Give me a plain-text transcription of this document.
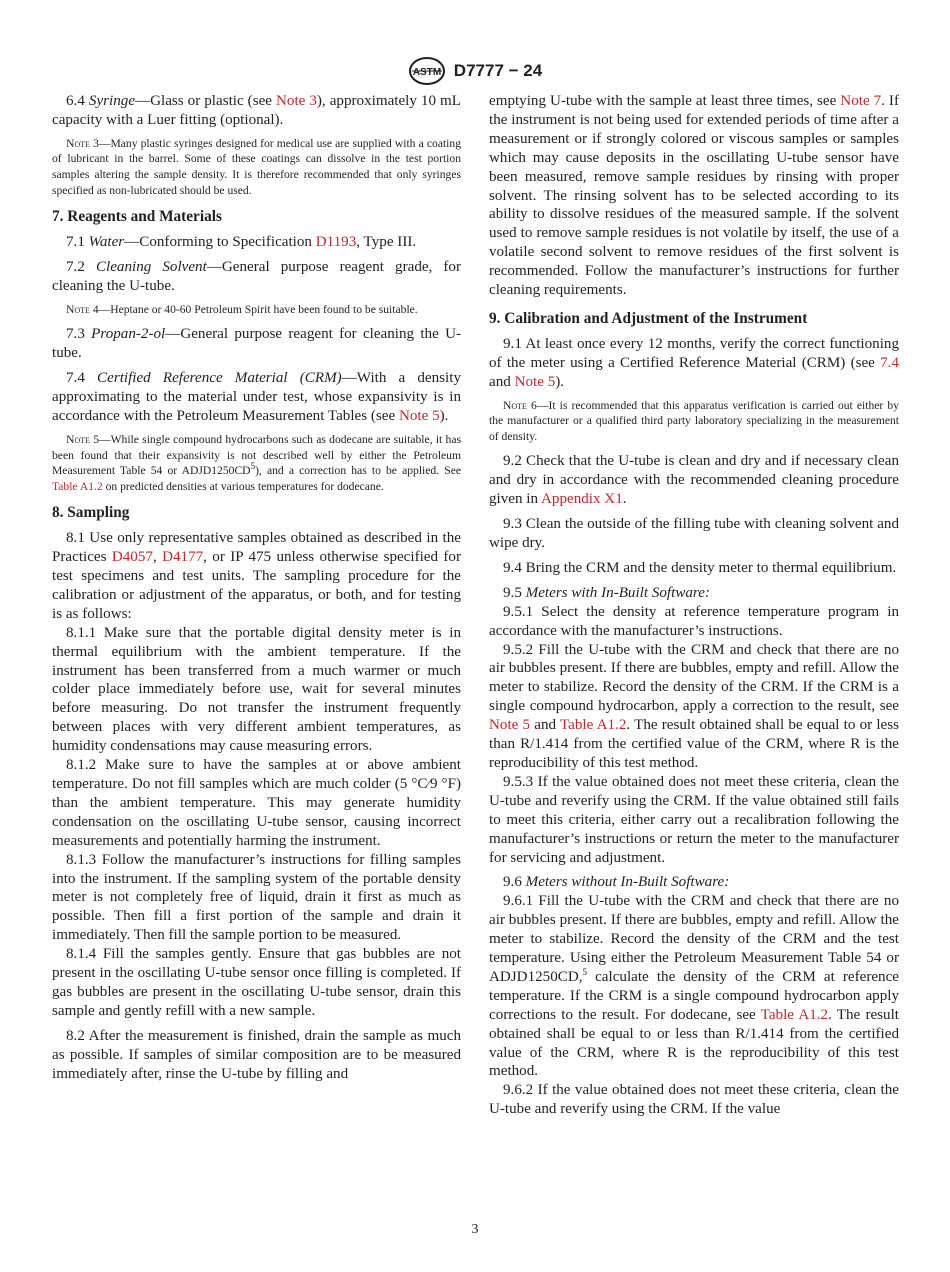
ASTM D7777 − 24

6.4 Syringe—Glass or plastic (see Note 3), approximately 10 mL capacity with a Luer fitting (optional).

Note 3—Many plastic syringes designed for medical use are supplied with a coating of lubricant in the barrel. Some of these coatings can dissolve in the test portion samples altering the sample density. It is therefore recommended that only syringes specified as non-lubricated should be used.

7. Reagents and Materials

7.1 Water—Conforming to Specification D1193, Type III.

7.2 Cleaning Solvent—General purpose reagent grade, for cleaning the U-tube.

Note 4—Heptane or 40-60 Petroleum Spirit have been found to be suitable.

7.3 Propan-2-ol—General purpose reagent for cleaning the U-tube.

7.4 Certified Reference Material (CRM)—With a density approximating to the material under test, whose expansivity is in accordance with the Petroleum Measurement Tables (see Note 5).

Note 5—While single compound hydrocarbons such as dodecane are suitable, it has been found that their expansivity is not described well by either the Petroleum Measurement Table 54 or $ADJD1250CD^5$), and a correction has to be applied. See Table A1.2 on predicted densities at various temperatures for dodecane.

8. Sampling

8.1 Use only representative samples obtained as described in the Practices D4057, D4177, or IP 475 unless otherwise specified for test specimens and test units. The sampling procedure for the calibration or adjustment of the apparatus, or both, and for testing is as follows:

8.1.1 Make sure that the portable digital density meter is in thermal equilibrium with the ambient temperature. If the instrument has been transferred from a much warmer or much colder place immediately before use, wait for several minutes before measuring. Do not transfer the instrument frequently between places with very different ambient temperatures, as humidity condensations may cause measuring errors.

8.1.2 Make sure to have the samples at or above ambient temperature. Do not fill samples which are much colder (5 °C⁄9 °F) than the ambient temperature. This may generate humidity condensation on the oscillating U-tube sensor, causing incorrect measurements and potentially harming the instrument.

8.1.3 Follow the manufacturer’s instructions for filling samples into the instrument. If the sampling system of the portable density meter is not completely free of liquid, drain it first as much as possible. Then fill a first portion of the sample and drain it immediately. Then fill the sample portion to be measured.

8.1.4 Fill the samples gently. Ensure that gas bubbles are not present in the oscillating U-tube sensor once filling is completed. If gas bubbles are present in the oscillating U-tube sensor, drain this sample and gently refill with a new sample.

8.2 After the measurement is finished, drain the sample as much as possible. If samples of similar composition are to be measured immediately after, rinse the U-tube by filling and

emptying U-tube with the sample at least three times, see Note 7. If the instrument is not being used for extended periods of time after a measurement or if strongly colored or viscous samples or samples which may cause deposits in the oscillating U-tube sensor have been measured, remove sample residues by rinsing with proper solvent. The rinsing solvent has to be selected according to its ability to dissolve residues of the measured sample. If the solvent used to remove sample residues is not volatile by itself, the use of a volatile second solvent to remove residues of the first solvent is recommended. Follow the manufacturer’s instructions for further cleaning requirements.

9. Calibration and Adjustment of the Instrument

9.1 At least once every 12 months, verify the correct functioning of the meter using a Certified Reference Material (CRM) (see 7.4 and Note 5).

Note 6—It is recommended that this apparatus verification is carried out either by the manufacturer or a qualified third party laboratory specializing in the measurement of density.

9.2 Check that the U-tube is clean and dry and if necessary clean and dry in accordance with the recommended cleaning procedure given in Appendix X1.

9.3 Clean the outside of the filling tube with cleaning solvent and wipe dry.

9.4 Bring the CRM and the density meter to thermal equilibrium.

9.5 Meters with In-Built Software:

9.5.1 Select the density at reference temperature program in accordance with the manufacturer’s instructions.

9.5.2 Fill the U-tube with the CRM and check that there are no air bubbles present. If there are bubbles, empty and refill. Allow the meter to stabilize. Record the density of the CRM. If the CRM is a single compound hydrocarbon, apply a correction to the result, see Note 5 and Table A1.2. The result obtained shall be equal to or less than R/1.414 from the certified value of the CRM, where R is the reproducibility of this test method.

9.5.3 If the value obtained does not meet these criteria, clean the U-tube and reverify using the CRM. If the value obtained still fails to meet this criteria, either carry out a recalibration following the manufacturer’s instructions or return the meter to the manufacturer for servicing and adjustment.

9.6 Meters without In-Built Software:

9.6.1 Fill the U-tube with the CRM and check that there are no air bubbles present. If there are bubbles, empty and refill. Allow the meter to stabilize. Record the density of the CRM and the test temperature. Using either the Petroleum Measurement Table 54 or ADJD1250CD,$^5$ calculate the density of the CRM at reference temperature. If the CRM is a single compound hydrocarbon apply corrections to the result. For dodecane, see Table A1.2. The result obtained shall be equal to or less than R/1.414 from the certified value of the CRM, where R is the reproducibility of this test method.

9.6.2 If the value obtained does not meet these criteria, clean the U-tube and reverify using the CRM. If the value

3
